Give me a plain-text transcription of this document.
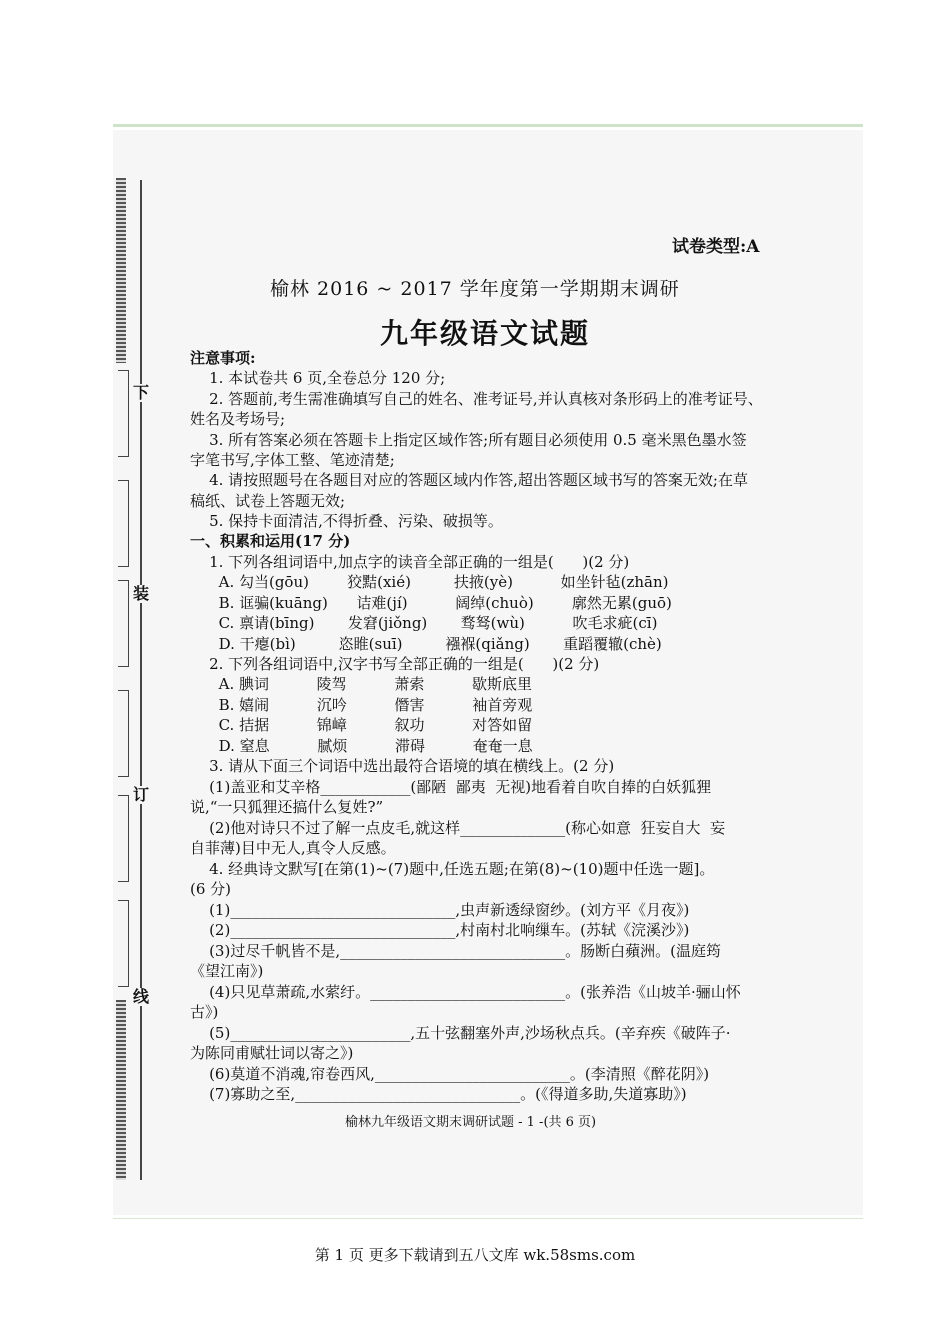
下
装
订
线
试卷类型:A
榆林 2016 ~ 2017 学年度第一学期期末调研
九年级语文试题
注意事项:
1. 本试卷共 6 页,全卷总分 120 分;
2. 答题前,考生需准确填写自己的姓名、准考证号,并认真核对条形码上的准考证号、
姓名及考场号;
3. 所有答案必须在答题卡上指定区域作答;所有题目必须使用 0.5 毫米黑色墨水签
字笔书写,字体工整、笔迹清楚;
4. 请按照题号在各题目对应的答题区域内作答,超出答题区域书写的答案无效;在草
稿纸、试卷上答题无效;
5. 保持卡面清洁,不得折叠、污染、破损等。
一、积累和运用(17 分)
1. 下列各组词语中,加点字的读音全部正确的一组是(      )(2 分)
A. 勾当(gōu)        狡黠(xié)         扶掖(yè)          如坐针毡(zhān)
B. 诓骗(kuāng)      诘难(jí)          阔绰(chuò)        廓然无累(guō)
C. 禀请(bīng)       发窘(jiǒng)       骛驽(wù)          吹毛求疵(cī)
D. 干瘪(bì)         恣睢(suī)         襁褓(qiǎng)       重蹈覆辙(chè)
2. 下列各组词语中,汉字书写全部正确的一组是(      )(2 分)
A. 腆词          陵驾          萧索          歇斯底里
B. 嬉闹          沉吟          僭害          袖首旁观
C. 拮据          锦嶂          叙功          对答如留
D. 窒息          腻烦          滞碍          奄奄一息
3. 请从下面三个词语中选出最符合语境的填在横线上。(2 分)
(1)盖亚和艾辛格____________(鄙陋  鄙夷  无视)地看着自吹自捧的白妖狐狸
说,“一只狐狸还搞什么复姓?”
(2)他对诗只不过了解一点皮毛,就这样______________(称心如意  狂妄自大  妄
自菲薄)目中无人,真令人反感。
4. 经典诗文默写[在第(1)~(7)题中,任选五题;在第(8)~(10)题中任选一题]。
(6 分)
(1)______________________________,虫声新透绿窗纱。(刘方平《月夜》)
(2)______________________________,村南村北响缫车。(苏轼《浣溪沙》)
(3)过尽千帆皆不是,______________________________。肠断白蘋洲。(温庭筠
《望江南》)
(4)只见草萧疏,水萦纡。__________________________。(张养浩《山坡羊·骊山怀
古》)
(5)________________________,五十弦翻塞外声,沙场秋点兵。(辛弃疾《破阵子·
为陈同甫赋壮词以寄之》)
(6)莫道不消魂,帘卷西风,__________________________。(李清照《醉花阴》)
(7)寡助之至,______________________________。(《得道多助,失道寡助》)
榆林九年级语文期末调研试题 - 1 -(共 6 页)
第 1 页 更多下载请到五八文库 wk.58sms.com
